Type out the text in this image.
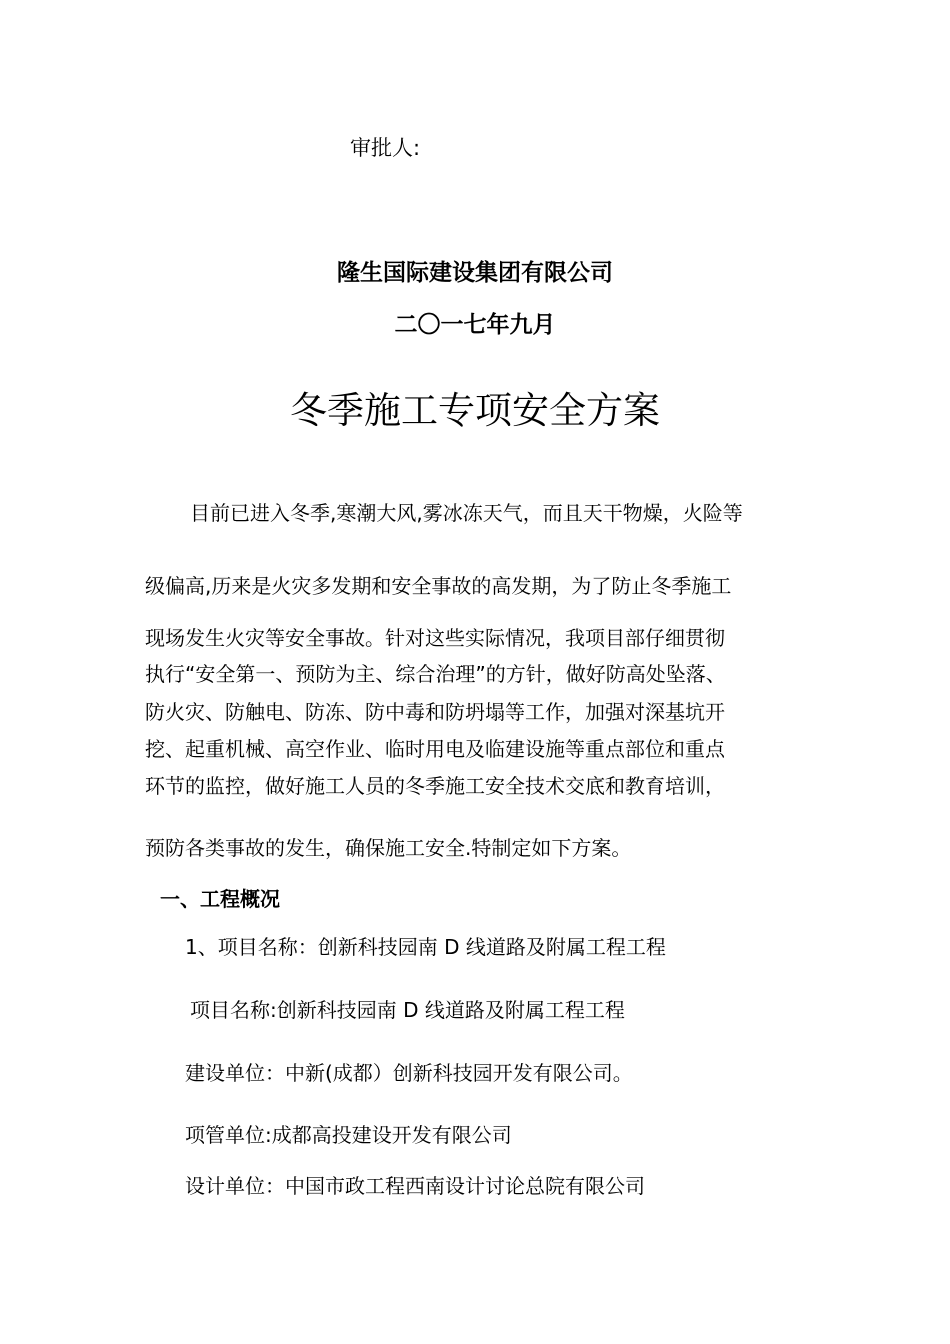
审批人:
隆生国际建设集团有限公司
二〇一七年九月
冬季施工专项安全方案
目前已进入冬季,寒潮大风,雾冰冻天气，而且天干物燥，火险等
级偏高,历来是火灾多发期和安全事故的高发期，为了防止冬季施工
现场发生火灾等安全事故。针对这些实际情况，我项目部仔细贯彻
执行“安全第一、预防为主、综合治理”的方针，做好防高处坠落、
防火灾、防触电、防冻、防中毒和防坍塌等工作，加强对深基坑开
挖、起重机械、高空作业、临时用电及临建设施等重点部位和重点
环节的监控，做好施工人员的冬季施工安全技术交底和教育培训，
预防各类事故的发生，确保施工安全.特制定如下方案。
一、工程概况
1、项目名称：创新科技园南 D 线道路及附属工程工程
项目名称:创新科技园南 D 线道路及附属工程工程
建设单位：中新(成都）创新科技园开发有限公司。
项管单位:成都高投建设开发有限公司
设计单位：中国市政工程西南设计讨论总院有限公司
